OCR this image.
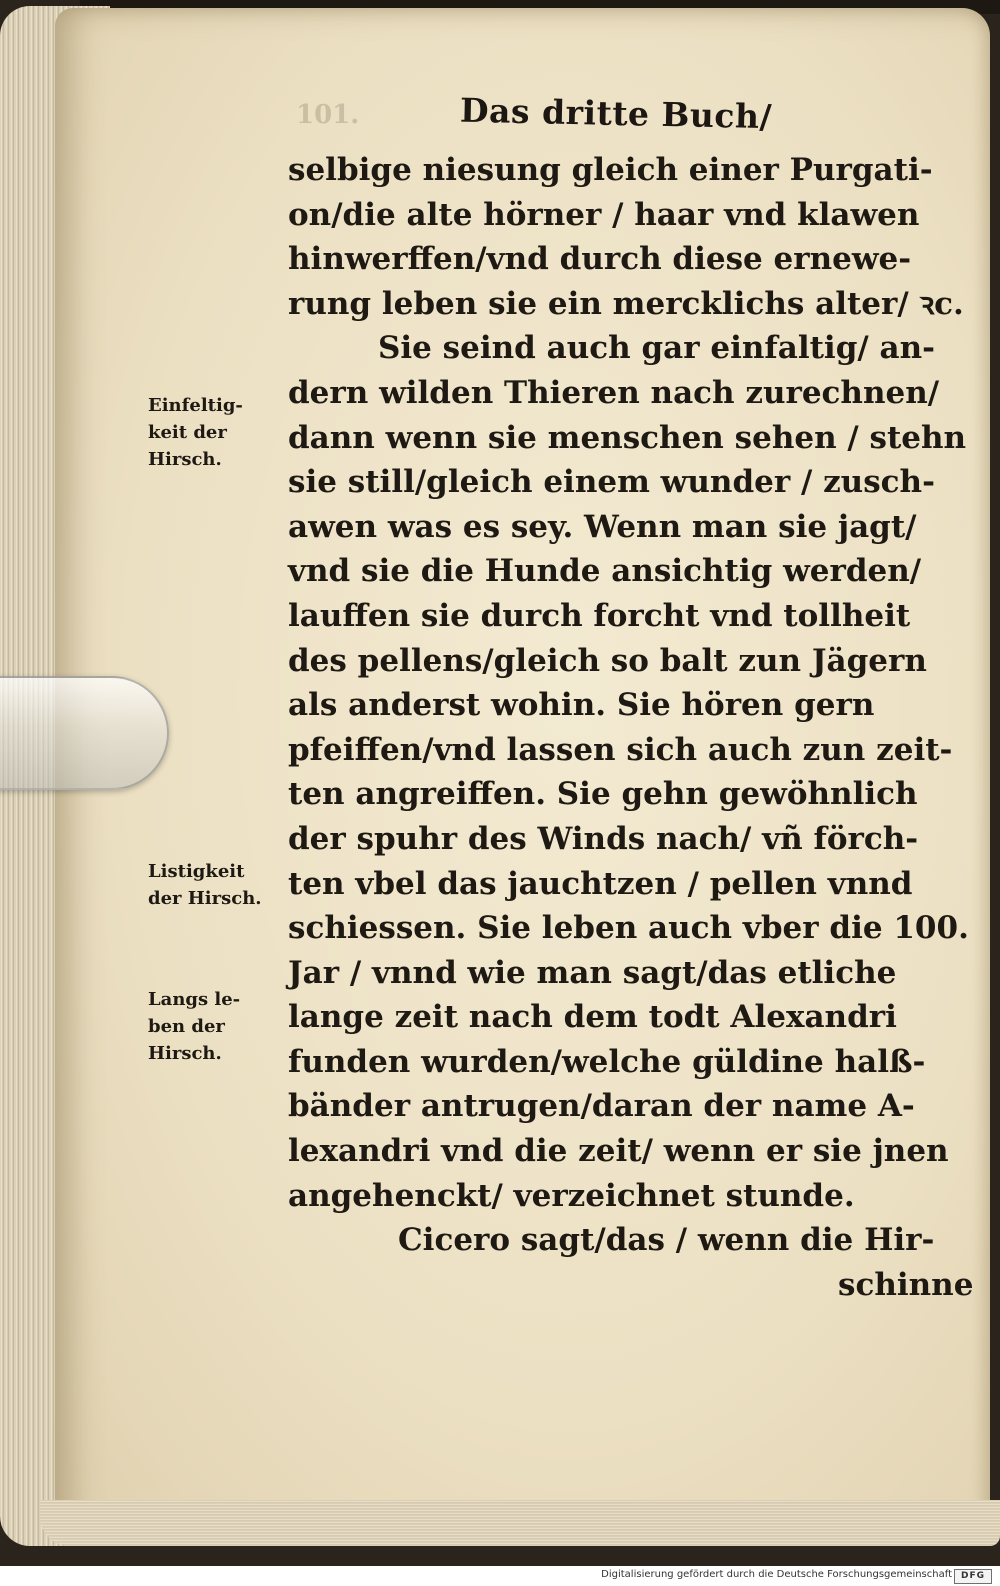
101.	Das dritte Buch/
selbige niesung gleich einer Purgati-
on/die alte hörner / haar vnd klawen
hinwerffen/vnd durch diese ernewe-
rung leben sie ein mercklichs alter/ ꝛc.
Sie seind auch gar einfaltig/ an-
dern wilden Thieren nach zurechnen/
dann wenn sie menschen sehen / stehn
sie still/gleich einem wunder / zusch-
awen was es sey. Wenn man sie jagt/
vnd sie die Hunde ansichtig werden/
lauffen sie durch forcht vnd tollheit
des pellens/gleich so balt zun Jägern
als anderst wohin. Sie hören gern
pfeiffen/vnd lassen sich auch zun zeit-
ten angreiffen. Sie gehn gewöhnlich
der spuhr des Winds nach/ vñ förch-
ten vbel das jauchtzen / pellen vnnd
schiessen. Sie leben auch vber die 100.
Jar / vnnd wie man sagt/das etliche
lange zeit nach dem todt Alexandri
funden wurden/welche güldine halß-
bänder antrugen/daran der name A-
lexandri vnd die zeit/ wenn er sie jnen
angehenckt/ verzeichnet stunde.
Cicero sagt/das / wenn die Hir-
schinne
Einfeltig-
keit der
Hirsch.
Listigkeit
der Hirsch.
Langs le-
ben der
Hirsch.
Digitalisierung gefördert durch die Deutsche Forschungsgemeinschaft DFG
